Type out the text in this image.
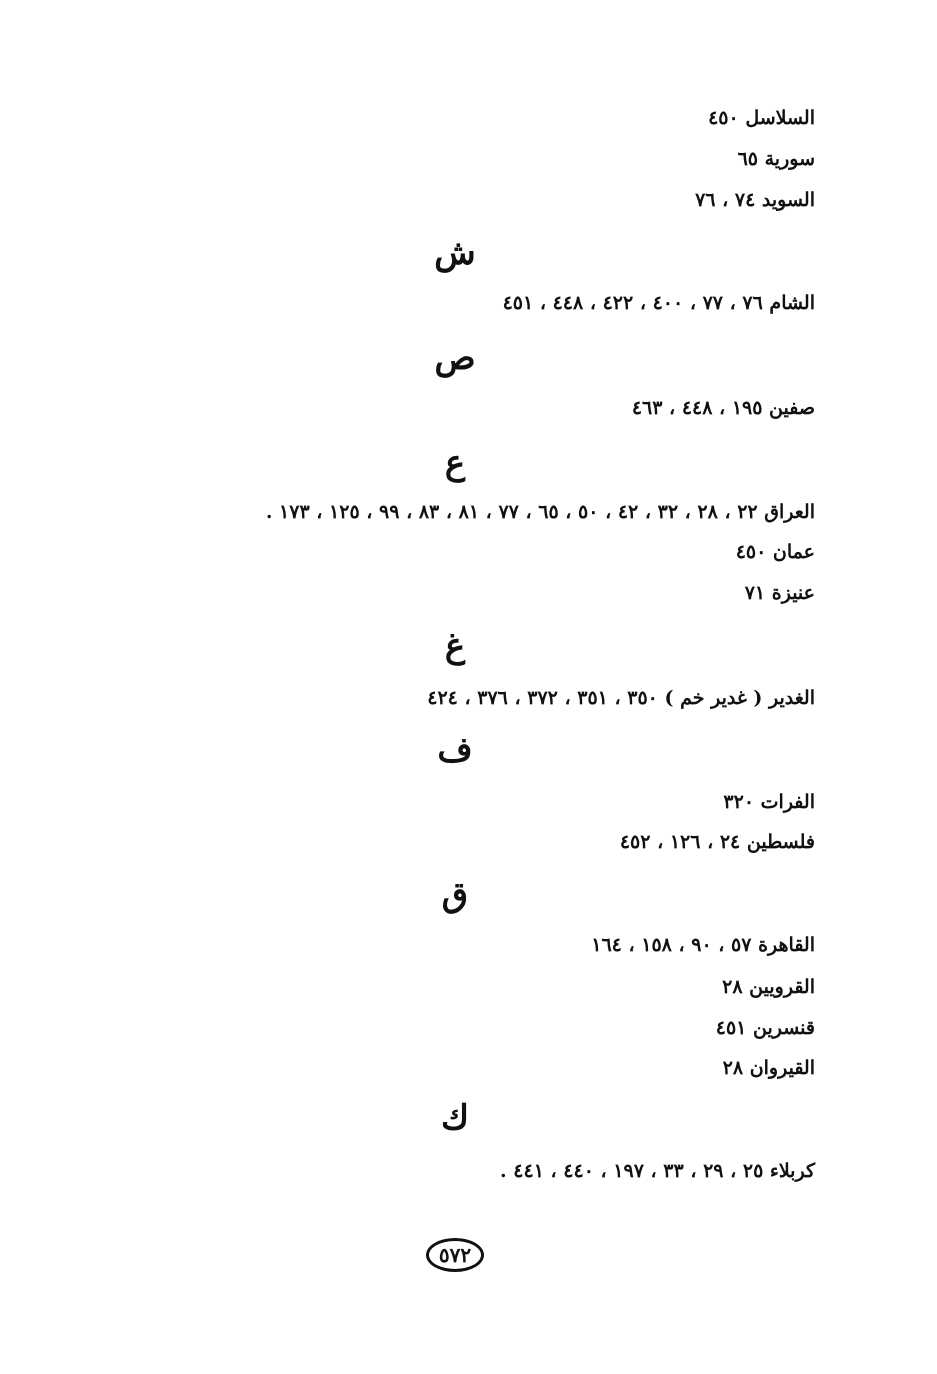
السلاسل ٤٥٠
سورية ٦٥
السويد ٧٤ ، ٧٦
ش
الشام ٧٦ ، ٧٧ ، ٤٠٠ ، ٤٢٢ ، ٤٤٨ ، ٤٥١
ص
صفين ١٩٥ ، ٤٤٨ ، ٤٦٣
ع
العراق ٢٢ ، ٢٨ ، ٣٢ ، ٤٢ ، ٥٠ ، ٦٥ ، ٧٧ ، ٨١ ، ٨٣ ، ٩٩ ، ١٢٥ ، ١٧٣ .
عمان ٤٥٠
عنيزة ٧١
غ
الغدير ( غدير خم ) ٣٥٠ ، ٣٥١ ، ٣٧٢ ، ٣٧٦ ، ٤٢٤
ف
الفرات ٣٢٠
فلسطين ٢٤ ، ١٢٦ ، ٤٥٢
ق
القاهرة ٥٧ ، ٩٠ ، ١٥٨ ، ١٦٤
القرويين ٢٨
قنسرين ٤٥١
القيروان ٢٨
ك
كربلاء ٢٥ ، ٢٩ ، ٣٣ ، ١٩٧ ، ٤٤٠ ، ٤٤١ .
٥٧٢
